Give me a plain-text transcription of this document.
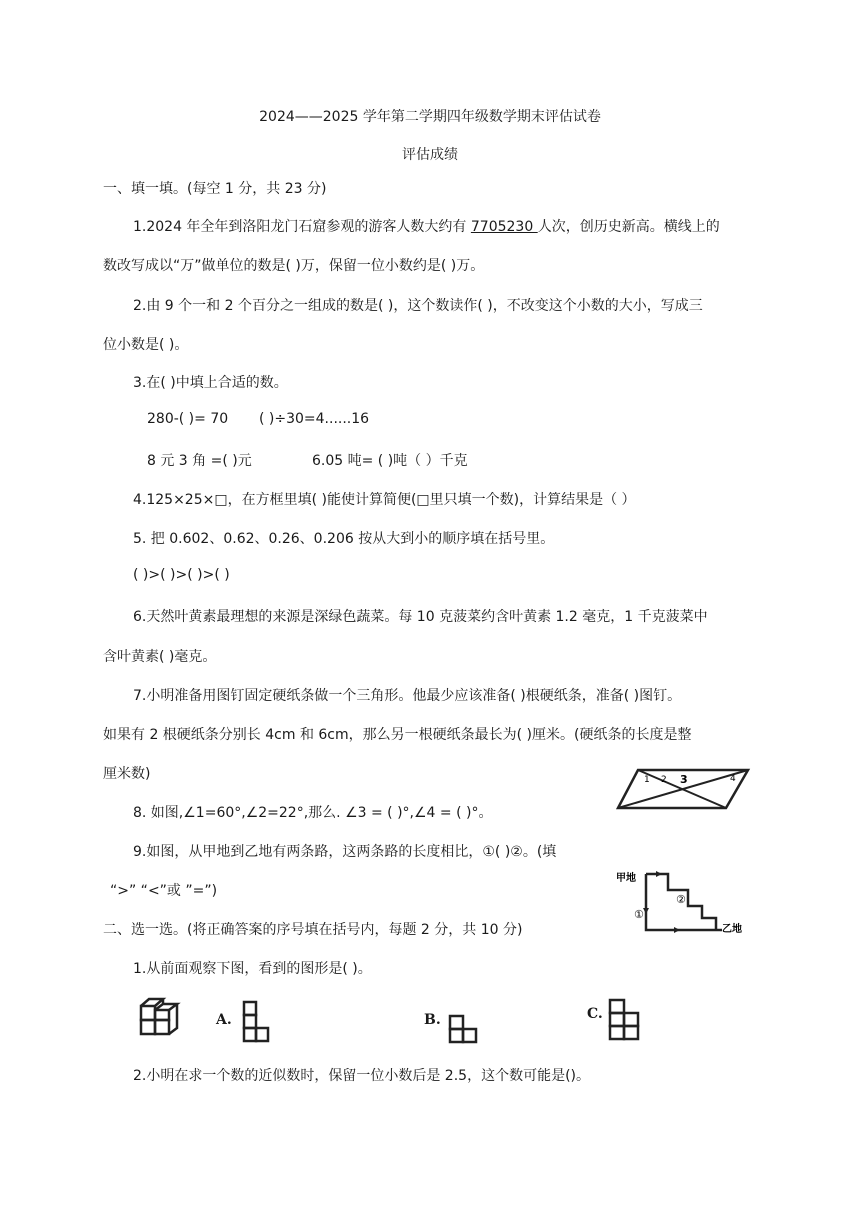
2024——2025 学年第二学期四年级数学期末评估试卷
评估成绩
一、填一填。(每空 1 分，共 23 分)
1.2024 年全年到洛阳龙门石窟参观的游客人数大约有 7705230 人次，创历史新高。横线上的
数改写成以“万”做单位的数是( )万，保留一位小数约是( )万。
2.由 9 个一和 2 个百分之一组成的数是( )，这个数读作( )，不改变这个小数的大小，写成三
位小数是( )。
3.在( )中填上合适的数。
280-( )= 70 ( )÷30=4......16
8 元 3 角 =( )元	6.05 吨= ( )吨（ ）千克
4.125×25×□，在方框里填( )能使计算简便(□里只填一个数)，计算结果是（ ）
5. 把 0.602、0.62、0.26、0.206 按从大到小的顺序填在括号里。
( )>( )>( )>( )
6.天然叶黄素最理想的来源是深绿色蔬菜。每 10 克菠菜约含叶黄素 1.2 毫克，1 千克菠菜中
含叶黄素( )毫克。
7.小明准备用图钉固定硬纸条做一个三角形。他最少应该准备( )根硬纸条，准备( )图钉。
如果有 2 根硬纸条分别长 4cm 和 6cm，那么另一根硬纸条最长为( )厘米。(硬纸条的长度是整
厘米数)	1 2 3	4
8. 如图,∠1=60°,∠2=22°,那么. ∠3 = ( )°,∠4 = ( )°。
9.如图，从甲地到乙地有两条路，这两条路的长度相比，①( )②。(填
“>” “<”或 ”=”)
甲地
乙地
①
②
二、选一选。(将正确答案的序号填在括号内，每题 2 分，共 10 分)
1.从前面观察下图，看到的图形是( )。
A.	B.	C.
2.小明在求一个数的近似数时，保留一位小数后是 2.5，这个数可能是()。
